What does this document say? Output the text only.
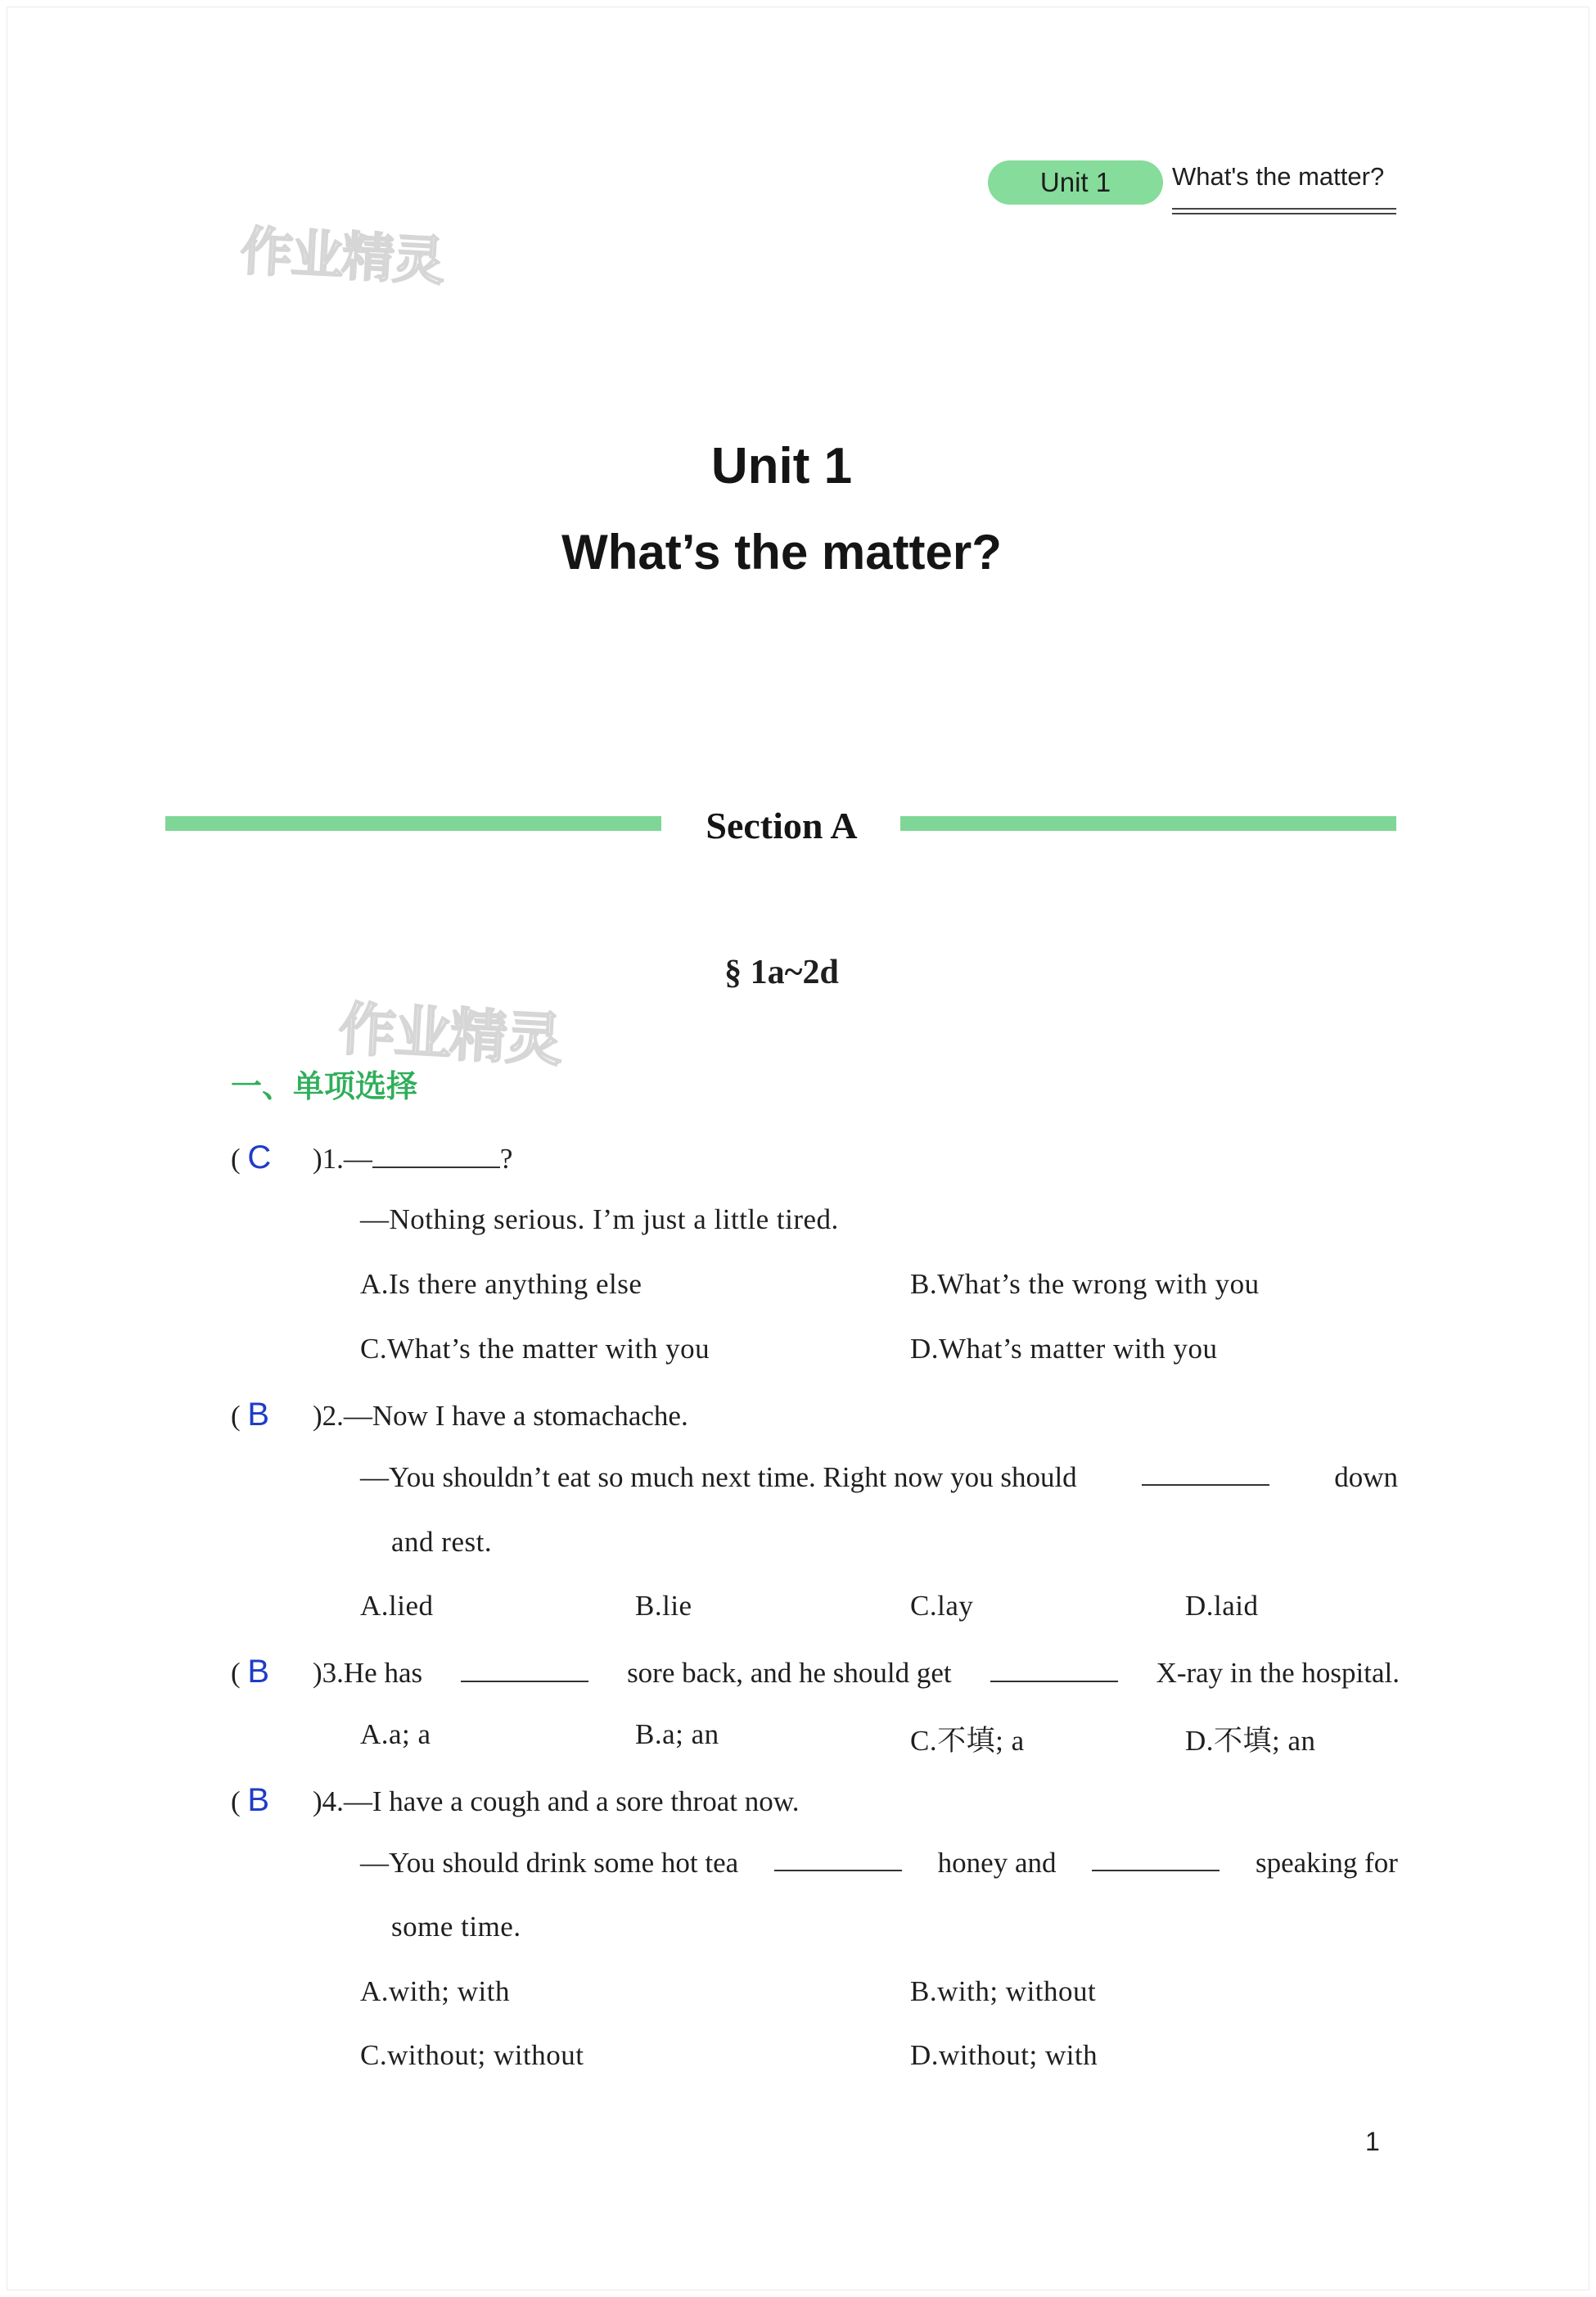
Unit 1 What's the matter?
作业精灵
作业精灵
Unit 1
What’s the matter?
Section A
§ 1a~2d
一、单项选择
( C )1.—	?
—Nothing serious. I’m just a little tired.
A.Is there anything else	B.What’s the wrong with you
C.What’s the matter with you	D.What’s matter with you
( B )2.—Now I have a stomachache.
—You shouldn’t eat so much next time. Right now you should	down
and rest.
A.lied	B.lie	C.lay	D.laid
( B )3.He has	sore back, and he should get	X-ray in the hospital.
A.a; a	B.a; an	C.不填; a	D.不填; an
( B )4.—I have a cough and a sore throat now.
—You should drink some hot tea	honey and	speaking for
some time.
A.with; with	B.with; without
C.without; without	D.without; with
1
